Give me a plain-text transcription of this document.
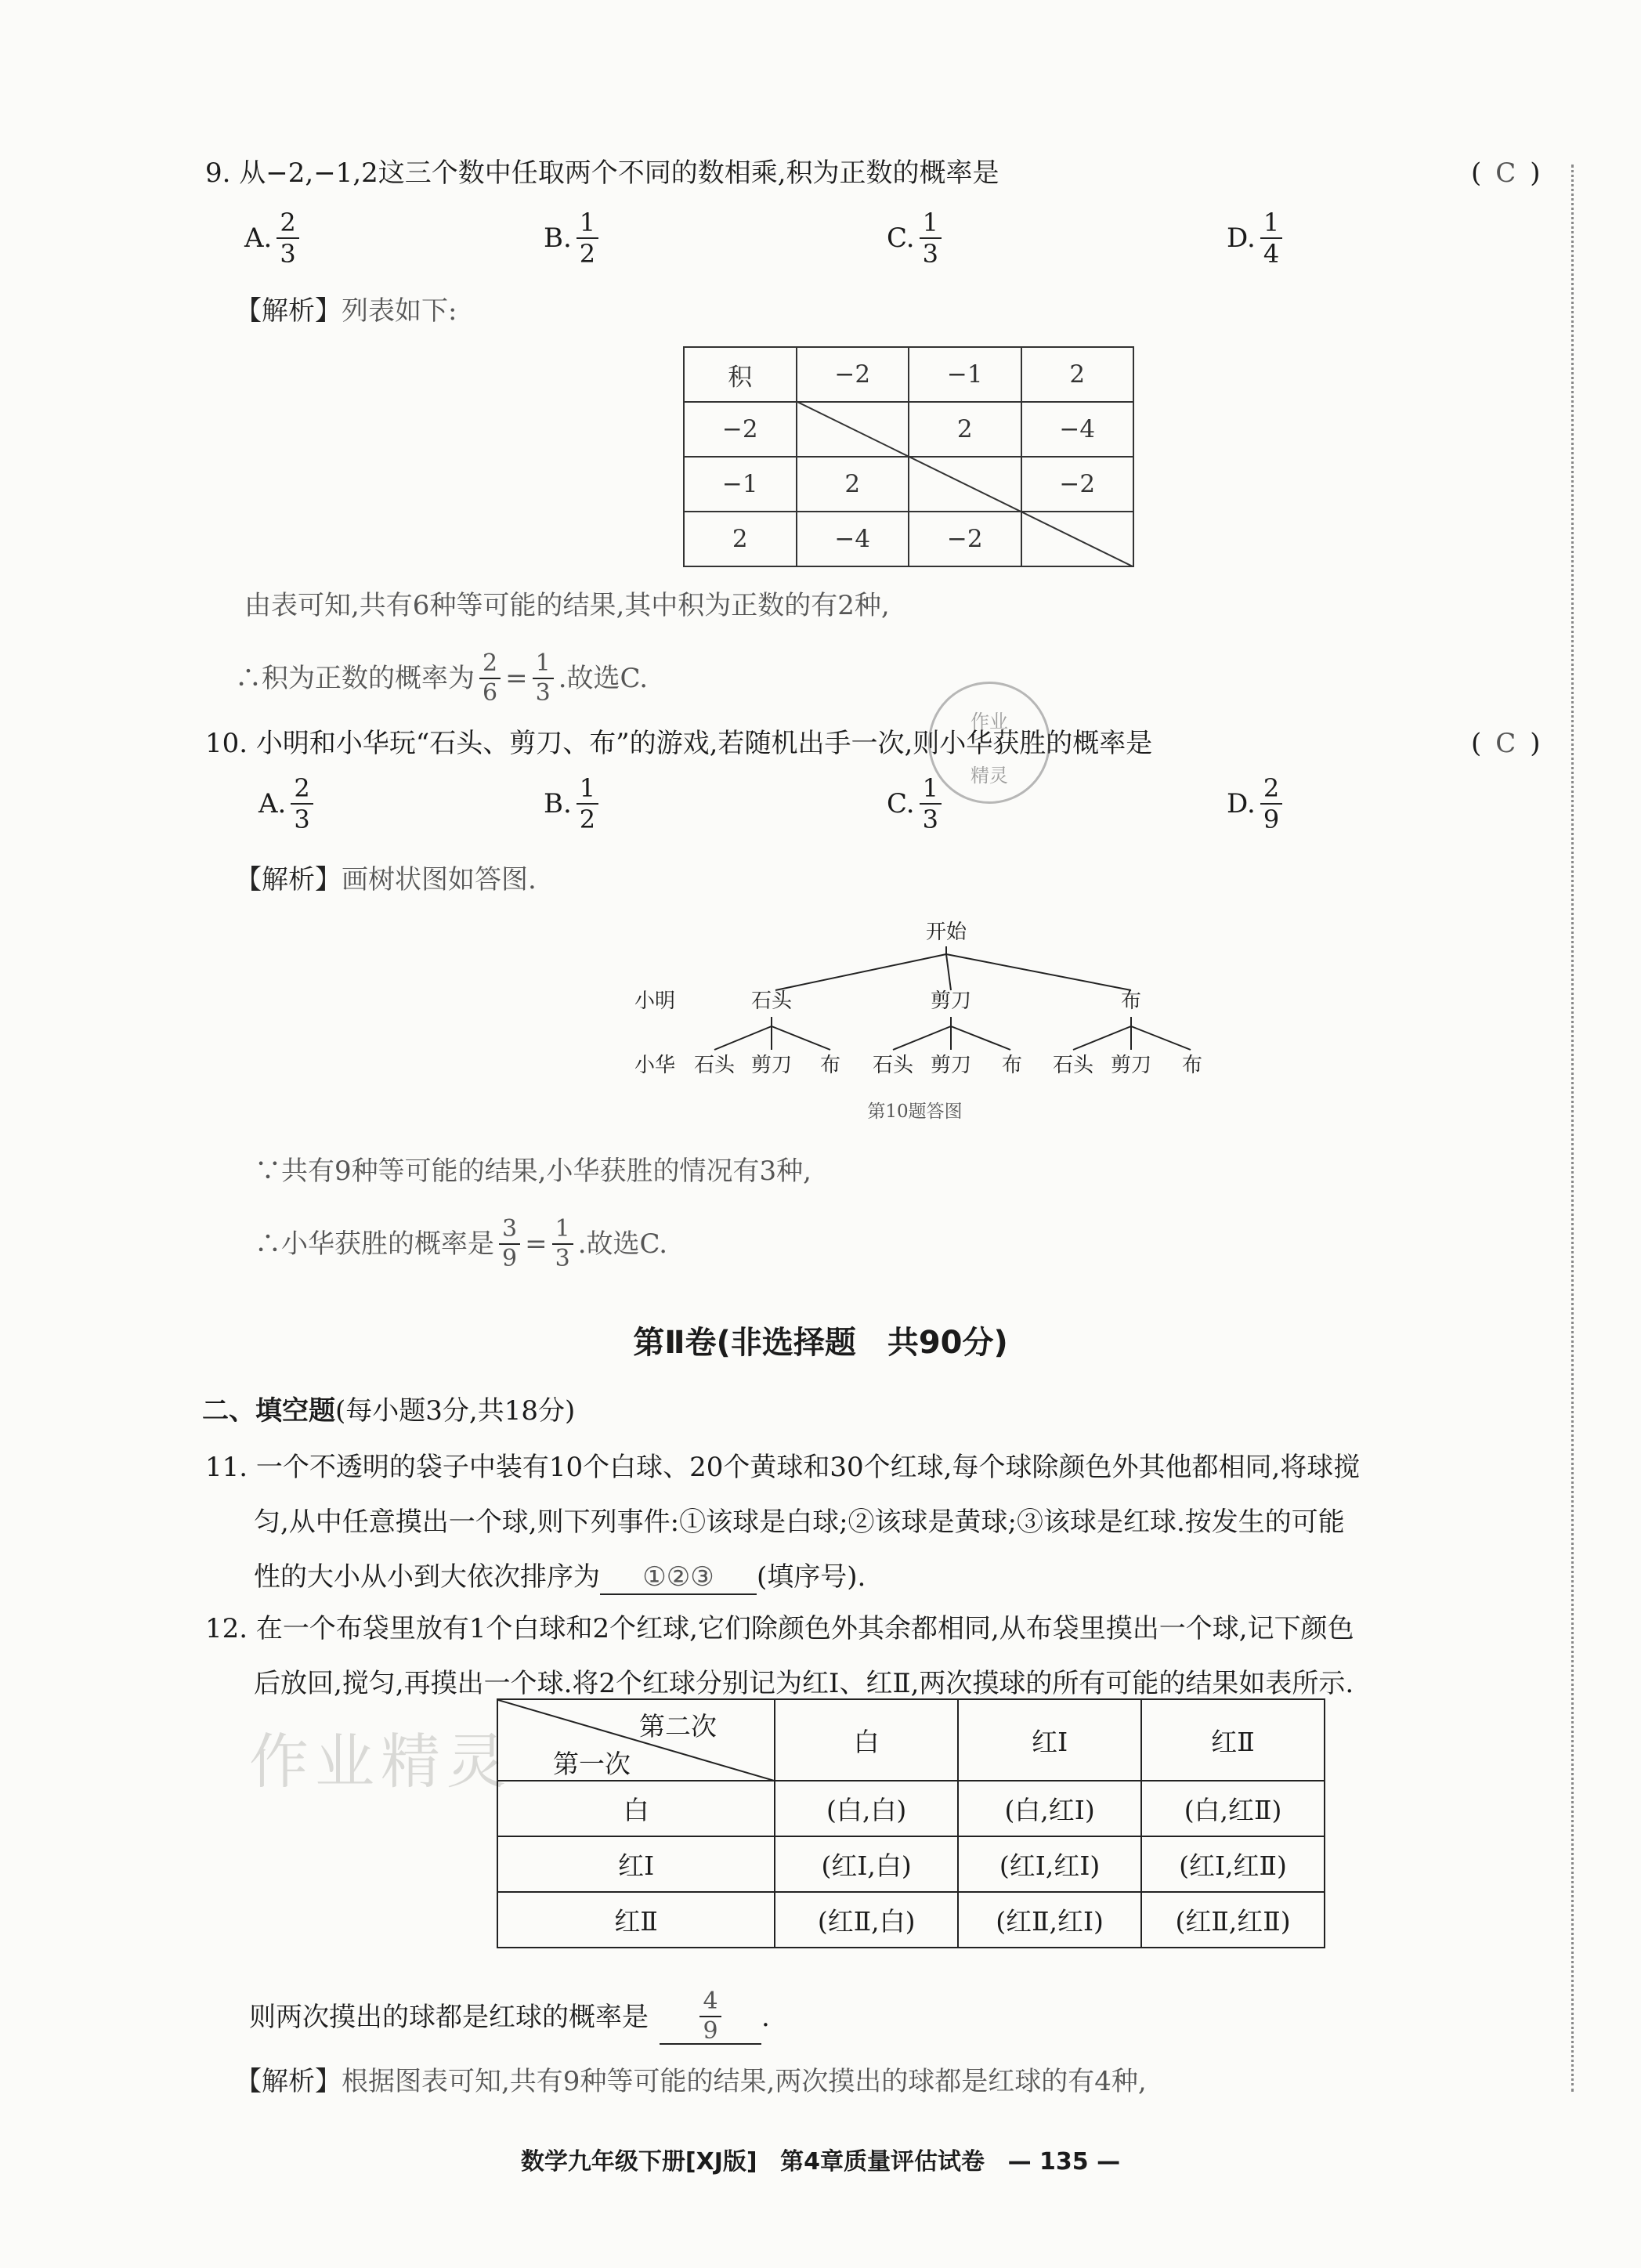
9. 从−2,−1,2这三个数中任取两个不同的数相乘,积为正数的概率是	( C)
A. $\frac{2}{3}$	B. $\frac{1}{2}$	C. $\frac{1}{3}$	D. $\frac{1}{4}$
【解析】列表如下:
积	−2	−1	2
−2		2	−4
−1	2		−2
2	−4	−2	
由表可知,共有6种等可能的结果,其中积为正数的有2种,
∴积为正数的概率为 $\frac{2}{6} = \frac{1}{3}$ .故选C.
作业
精灵
10. 小明和小华玩“石头、剪刀、布”的游戏,若随机出手一次,则小华获胜的概率是	( C)
A. $\frac{2}{3}$	B. $\frac{1}{2}$	C. $\frac{1}{3}$	D. $\frac{2}{9}$
【解析】画树状图如答图.
开始
小明	石头	剪刀	布
小华 石头 剪刀 布 石头 剪刀 布 石头 剪刀 布
第10题答图
∵共有9种等可能的结果,小华获胜的情况有3种,
∴小华获胜的概率是 $\frac{3}{9} = \frac{1}{3}$ .故选C.
第Ⅱ卷(非选择题　共90分)
二、填空题(每小题3分,共18分)
11. 一个不透明的袋子中装有10个白球、20个黄球和30个红球,每个球除颜色外其他都相同,将球搅
匀,从中任意摸出一个球,则下列事件:①该球是白球;②该球是黄球;③该球是红球.按发生的可能
性的大小从小到大依次排序为 ①②③ (填序号).
12. 在一个布袋里放有1个白球和2个红球,它们除颜色外其余都相同,从布袋里摸出一个球,记下颜色
后放回,搅匀,再摸出一个球.将2个红球分别记为红Ⅰ、红Ⅱ,两次摸球的所有可能的结果如表所示.
作业精灵
第二次
第一次	白	红Ⅰ	红Ⅱ
白	(白,白)	(白,红Ⅰ)	(白,红Ⅱ)
红Ⅰ	(红Ⅰ,白)	(红Ⅰ,红Ⅰ)	(红Ⅰ,红Ⅱ)
红Ⅱ	(红Ⅱ,白)	(红Ⅱ,红Ⅰ)	(红Ⅱ,红Ⅱ)
则两次摸出的球都是红球的概率是 $\frac{4}{9}$ .
【解析】根据图表可知,共有9种等可能的结果,两次摸出的球都是红球的有4种,
数学九年级下册[XJ版] 第4章质量评估试卷 — 135 —
